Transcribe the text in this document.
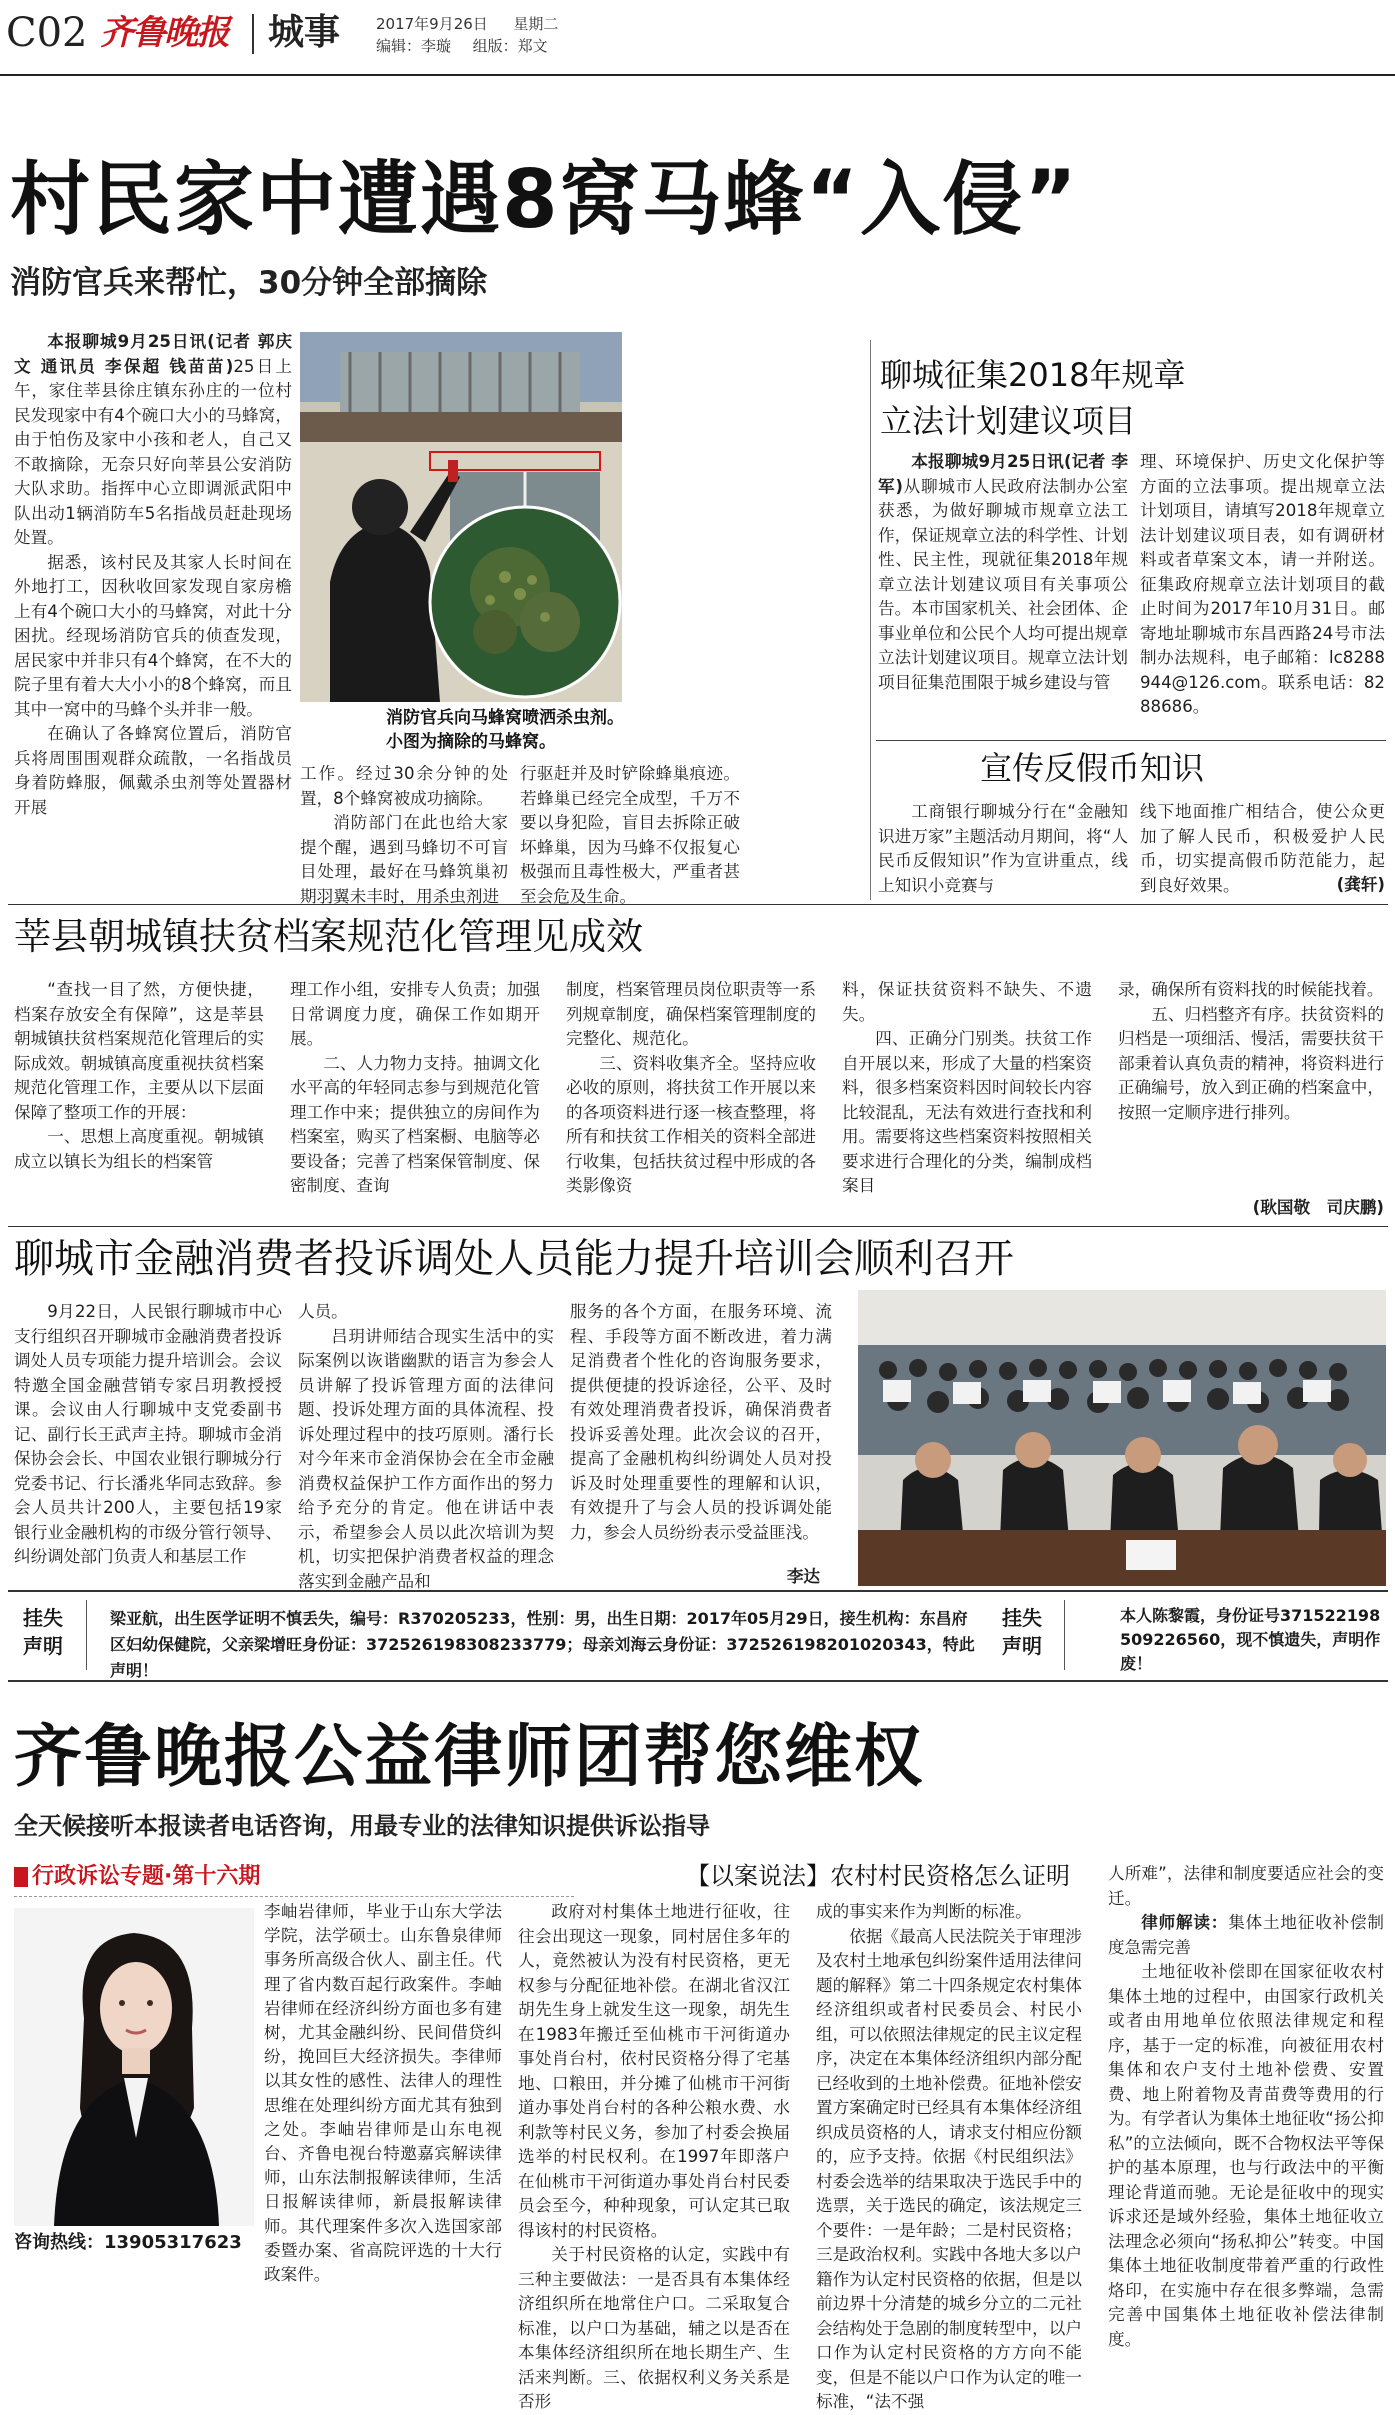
C02 齐鲁晚报 城事 2017年9月26日 星期二
编辑：李璇 组版：郑文
村民家中遭遇8窝马蜂“入侵”
消防官兵来帮忙，30分钟全部摘除

本报聊城9月25日讯(记者 郭庆文 通讯员 李保超 钱苗苗)25日上午，家住莘县徐庄镇东孙庄的一位村民发现家中有4个碗口大小的马蜂窝，由于怕伤及家中小孩和老人，自己又不敢摘除，无奈只好向莘县公安消防大队求助。指挥中心立即调派武阳中队出动1辆消防车5名指战员赶赴现场处置。

据悉，该村民及其家人长时间在外地打工，因秋收回家发现自家房檐上有4个碗口大小的马蜂窝，对此十分困扰。经现场消防官兵的侦查发现，居民家中并非只有4个蜂窝，在不大的院子里有着大大小小的8个蜂窝，而且其中一窝中的马蜂个头并非一般。

在确认了各蜂窝位置后，消防官兵将周围围观群众疏散，一名指战员身着防蜂服，佩戴杀虫剂等处置器材开展

消防官兵向马蜂窝喷洒杀虫剂。
小图为摘除的马蜂窝。

工作。经过30余分钟的处置，8个蜂窝被成功摘除。

消防部门在此也给大家提个醒，遇到马蜂切不可盲目处理，最好在马蜂筑巢初期羽翼未丰时，用杀虫剂进

行驱赶并及时铲除蜂巢痕迹。若蜂巢已经完全成型，千万不要以身犯险，盲目去拆除正破坏蜂巢，因为马蜂不仅报复心极强而且毒性极大，严重者甚至会危及生命。

聊城征集2018年规章
立法计划建议项目

本报聊城9月25日讯(记者 李军)从聊城市人民政府法制办公室获悉，为做好聊城市规章立法工作，保证规章立法的科学性、计划性、民主性，现就征集2018年规章立法计划建议项目有关事项公告。本市国家机关、社会团体、企事业单位和公民个人均可提出规章立法计划建议项目。规章立法计划项目征集范围限于城乡建设与管

理、环境保护、历史文化保护等方面的立法事项。提出规章立法计划项目，请填写2018年规章立法计划建议项目表，如有调研材料或者草案文本，请一并附送。征集政府规章立法计划项目的截止时间为2017年10月31日。邮寄地址聊城市东昌西路24号市法制办法规科，电子邮箱：lc8288944@126.com。联系电话：8288686。

宣传反假币知识

工商银行聊城分行在“金融知识进万家”主题活动月期间，将“人民币反假知识”作为宣讲重点，线上知识小竞赛与

线下地面推广相结合，使公众更加了解人民币，积极爱护人民币，切实提高假币防范能力，起到良好效果。	(龚轩)
莘县朝城镇扶贫档案规范化管理见成效

“查找一目了然，方便快捷，档案存放安全有保障”，这是莘县朝城镇扶贫档案规范化管理后的实际成效。朝城镇高度重视扶贫档案规范化管理工作，主要从以下层面保障了整项工作的开展：

一、思想上高度重视。朝城镇成立以镇长为组长的档案管

理工作小组，安排专人负责；加强日常调度力度，确保工作如期开展。

二、人力物力支持。抽调文化水平高的年轻同志参与到规范化管理工作中来；提供独立的房间作为档案室，购买了档案橱、电脑等必要设备；完善了档案保管制度、保密制度、查询

制度，档案管理员岗位职责等一系列规章制度，确保档案管理制度的完整化、规范化。

三、资料收集齐全。坚持应收必收的原则，将扶贫工作开展以来的各项资料进行逐一核查整理，将所有和扶贫工作相关的资料全部进行收集，包括扶贫过程中形成的各类影像资

料，保证扶贫资料不缺失、不遗失。

四、正确分门别类。扶贫工作自开展以来，形成了大量的档案资料，很多档案资料因时间较长内容比较混乱，无法有效进行查找和利用。需要将这些档案资料按照相关要求进行合理化的分类，编制成档案目

录，确保所有资料找的时候能找着。

五、归档整齐有序。扶贫资料的归档是一项细活、慢活，需要扶贫干部秉着认真负责的精神，将资料进行正确编号，放入到正确的档案盒中，按照一定顺序进行排列。

(耿国敬　司庆鹏)
聊城市金融消费者投诉调处人员能力提升培训会顺利召开

9月22日，人民银行聊城市中心支行组织召开聊城市金融消费者投诉调处人员专项能力提升培训会。会议特邀全国金融营销专家吕玥教授授课。会议由人行聊城中支党委副书记、副行长王武声主持。聊城市金消保协会会长、中国农业银行聊城分行党委书记、行长潘兆华同志致辞。参会人员共计200人，主要包括19家银行业金融机构的市级分管行领导、纠纷调处部门负责人和基层工作

人员。

吕玥讲师结合现实生活中的实际案例以诙谐幽默的语言为参会人员讲解了投诉管理方面的法律问题、投诉处理方面的具体流程、投诉处理过程中的技巧原则。潘行长对今年来市金消保协会在全市金融消费权益保护工作方面作出的努力给予充分的肯定。他在讲话中表示，希望参会人员以此次培训为契机，切实把保护消费者权益的理念落实到金融产品和

服务的各个方面，在服务环境、流程、手段等方面不断改进，着力满足消费者个性化的咨询服务要求，提供便捷的投诉途径，公平、及时有效处理消费者投诉，确保消费者投诉妥善处理。此次会议的召开，提高了金融机构纠纷调处人员对投诉及时处理重要性的理解和认识，有效提升了与会人员的投诉调处能力，参会人员纷纷表示受益匪浅。

李达
挂失
声明
梁亚航，出生医学证明不慎丢失，编号：R370205233，性别：男，出生日期：2017年05月29日，接生机构：东昌府区妇幼保健院，父亲梁增旺身份证：372526198308233779；母亲刘海云身份证：372526198201020343，特此声明！
挂失
声明
本人陈黎霞，身份证号371522198509226560，现不慎遗失，声明作废！
齐鲁晚报公益律师团帮您维权
全天候接听本报读者电话咨询，用最专业的法律知识提供诉讼指导
行政诉讼专题·第十六期
咨询热线：13905317623
李岫岩律师，毕业于山东大学法学院，法学硕士。山东鲁泉律师事务所高级合伙人、副主任。代理了省内数百起行政案件。李岫岩律师在经济纠纷方面也多有建树，尤其金融纠纷、民间借贷纠纷，挽回巨大经济损失。李律师以其女性的感性、法律人的理性思维在处理纠纷方面尤其有独到之处。李岫岩律师是山东电视台、齐鲁电视台特邀嘉宾解读律师，山东法制报解读律师，生活日报解读律师，新晨报解读律师。其代理案件多次入选国家部委暨办案、省高院评选的十大行政案件。
【以案说法】农村村民资格怎么证明

政府对村集体土地进行征收，往往会出现这一现象，同村居住多年的人，竟然被认为没有村民资格，更无权参与分配征地补偿。在湖北省汉江胡先生身上就发生这一现象，胡先生在1983年搬迁至仙桃市干河街道办事处肖台村，依村民资格分得了宅基地、口粮田，并分摊了仙桃市干河街道办事处肖台村的各种公粮水费、水利款等村民义务，参加了村委会换届选举的村民权利。在1997年即落户在仙桃市干河街道办事处肖台村民委员会至今，种种现象，可认定其已取得该村的村民资格。

关于村民资格的认定，实践中有三种主要做法：一是否具有本集体经济组织所在地常住户口。二采取复合标准，以户口为基础，辅之以是否在本集体经济组织所在地长期生产、生活来判断。三、依据权利义务关系是否形

成的事实来作为判断的标准。

依据《最高人民法院关于审理涉及农村土地承包纠纷案件适用法律问题的解释》第二十四条规定农村集体经济组织或者村民委员会、村民小组，可以依照法律规定的民主议定程序，决定在本集体经济组织内部分配已经收到的土地补偿费。征地补偿安置方案确定时已经具有本集体经济组织成员资格的人，请求支付相应份额的，应予支持。依据《村民组织法》村委会选举的结果取决于选民手中的选票，关于选民的确定，该法规定三个要件：一是年龄；二是村民资格；三是政治权利。实践中各地大多以户籍作为认定村民资格的依据，但是以前边界十分清楚的城乡分立的二元社会结构处于急剧的制度转型中，以户口作为认定村民资格的方方向不能变，但是不能以户口作为认定的唯一标准，“法不强

人所难”，法律和制度要适应社会的变迁。

律师解读：集体土地征收补偿制度急需完善

土地征收补偿即在国家征收农村集体土地的过程中，由国家行政机关或者由用地单位依照法律规定和程序，基于一定的标准，向被征用农村集体和农户支付土地补偿费、安置费、地上附着物及青苗费等费用的行为。有学者认为集体土地征收“扬公抑私”的立法倾向，既不合物权法平等保护的基本原理，也与行政法中的平衡理论背道而驰。无论是征收中的现实诉求还是域外经验，集体土地征收立法理念必须向“扬私抑公”转变。中国集体土地征收制度带着严重的行政性烙印，在实施中存在很多弊端，急需完善中国集体土地征收补偿法律制度。
